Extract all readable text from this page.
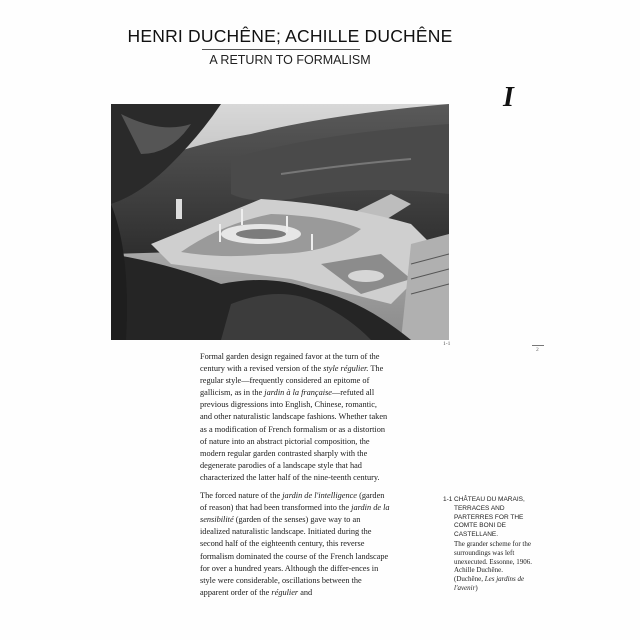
HENRI DUCHÊNE; ACHILLE DUCHÊNE
A RETURN TO FORMALISM
I
1-1
2

Formal garden design regained favor at the turn of the century with a revised version of the style régulier. The regular style—frequently considered an epitome of gallicism, as in the jardin à la française—refuted all previous digressions into English, Chinese, romantic, and other naturalistic landscape fashions. Whether taken as a modification of French formalism or as a distortion of nature into an abstract pictorial composition, the modern regular garden contrasted sharply with the degenerate parodies of a landscape style that had characterized the latter half of the nine-teenth century.

The forced nature of the jardin de l'intelligence (garden of reason) that had been transformed into the jardin de la sensibilité (garden of the senses) gave way to an idealized naturalistic landscape. Initiated during the second half of the eighteenth century, this reverse formalism dominated the course of the French landscape for over a hundred years. Although the differ-ences in style were considerable, oscillations between the apparent order of the régulier and

1-1 CHÂTEAU DU MARAIS, TERRACES AND PARTERRES FOR THE COMTE BONI DE CASTELLANE.
The grander scheme for the surroundings was left unexecuted. Essonne, 1906. Achille Duchêne. (Duchêne, Les jardins de l'avenir)
